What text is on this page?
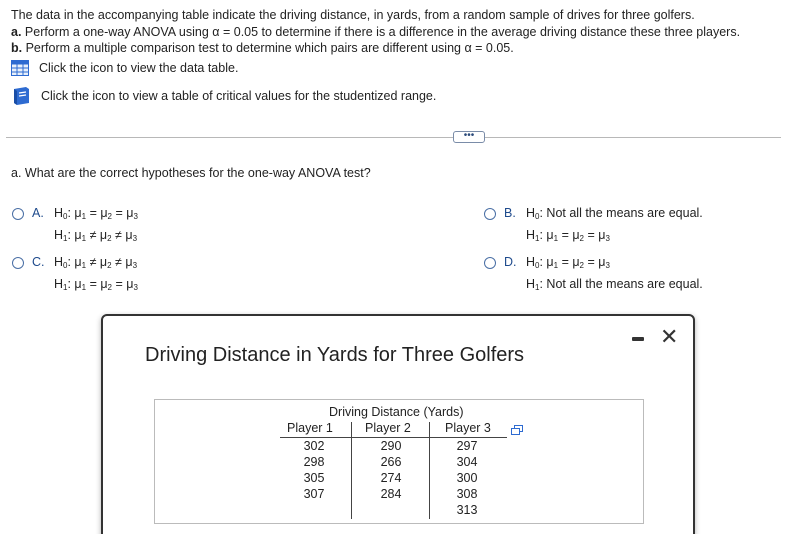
The data in the accompanying table indicate the driving distance, in yards, from a random sample of drives for three golfers.
a. Perform a one-way ANOVA using α = 0.05 to determine if there is a difference in the average driving distance these three players.
b. Perform a multiple comparison test to determine which pairs are different using α = 0.05.
Click the icon to view the data table.
Click the icon to view a table of critical values for the studentized range.
•••
a. What are the correct hypotheses for the one-way ANOVA test?
A. $H_0$: $\mu_1 = \mu_2 = \mu_3$
$H_1$: $\mu_1 \ne \mu_2 \ne \mu_3$
B. $H_0$: Not all the means are equal.
$H_1$: $\mu_1 = \mu_2 = \mu_3$
C. $H_0$: $\mu_1 \ne \mu_2 \ne \mu_3$
$H_1$: $\mu_1 = \mu_2 = \mu_3$
D. $H_0$: $\mu_1 = \mu_2 = \mu_3$
$H_1$: Not all the means are equal.
Driving Distance in Yards for Three Golfers
✕
Driving Distance (Yards)
Player 1	Player 2	Player 3
302
298
305
307
290
266
274
284
297
304
300
308
313
